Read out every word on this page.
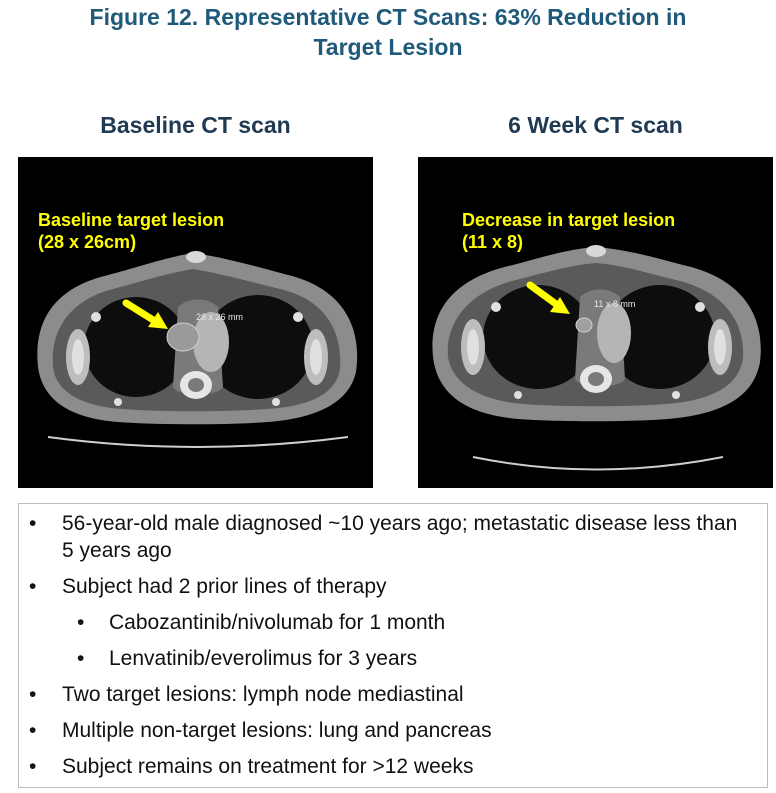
Figure 12. Representative CT Scans: 63% Reduction in
Target Lesion
Baseline CT scan	6 Week CT scan
Baseline target lesion
(28 x 26cm)
28 x 26 mm
Decrease in target lesion
(11 x 8)
11 x 8 mm
• 56-year-old male diagnosed ~10 years ago; metastatic disease less than 5 years ago
• Subject had 2 prior lines of therapy
• Cabozantinib/nivolumab for 1 month
• Lenvatinib/everolimus for 3 years
• Two target lesions: lymph node mediastinal
• Multiple non-target lesions: lung and pancreas
• Subject remains on treatment for >12 weeks
